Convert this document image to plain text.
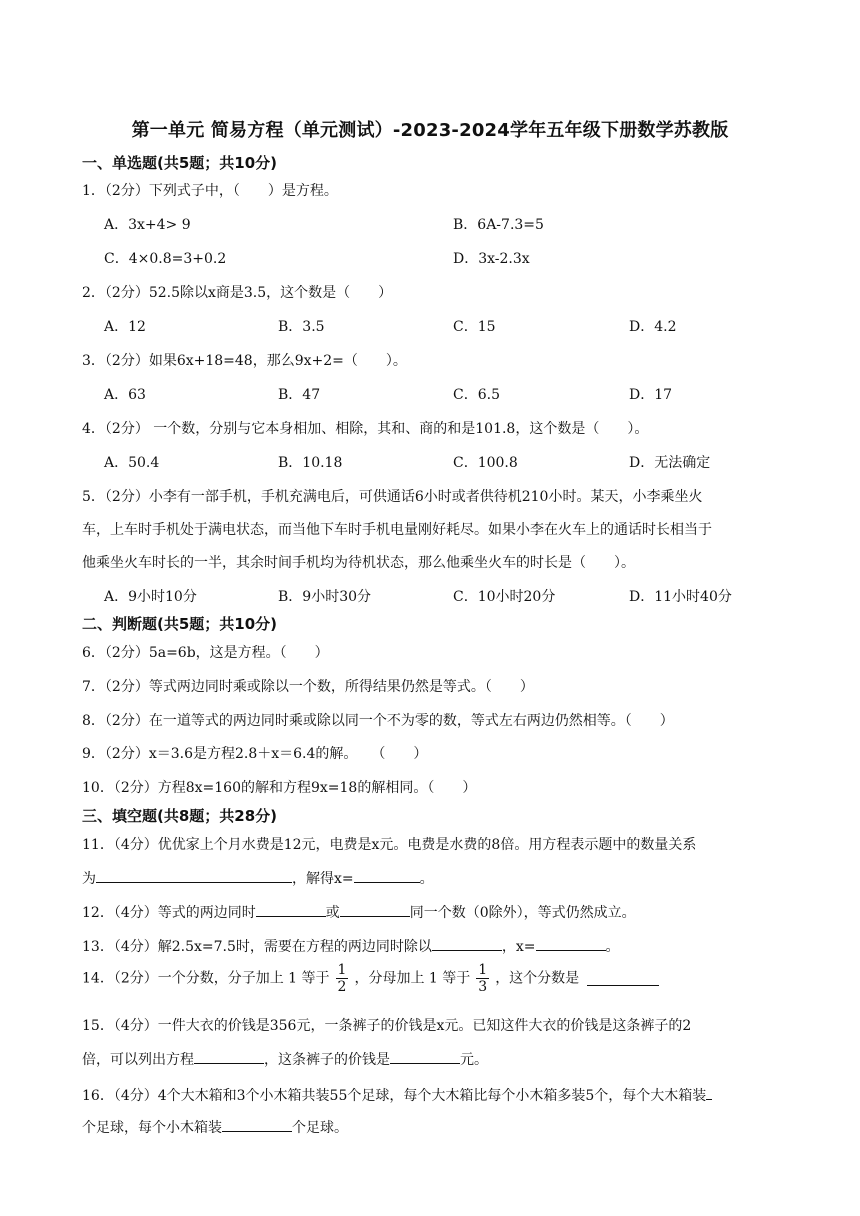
第一单元 简易方程（单元测试）-2023-2024学年五年级下册数学苏教版
一、单选题(共5题；共10分)
1．（2分）下列式子中，（　　）是方程。
A．3x+4> 9	B．6A-7.3=5
C．4×0.8=3+0.2	D．3x-2.3x
2．（2分）52.5除以x商是3.5，这个数是（　　）
A．12	B．3.5	C．15	D．4.2
3．（2分）如果6x+18=48，那么9x+2=（　　）。
A．63	B．47	C．6.5	D．17
4．（2分） 一个数，分别与它本身相加、相除，其和、商的和是101.8，这个数是（　　）。
A．50.4	B．10.18	C．100.8	D．无法确定
5．（2分）小李有一部手机，手机充满电后，可供通话6小时或者供待机210小时。某天，小李乘坐火
车，上车时手机处于满电状态，而当他下车时手机电量刚好耗尽。如果小李在火车上的通话时长相当于
他乘坐火车时长的一半，其余时间手机均为待机状态，那么他乘坐火车的时长是（　　）。
A．9小时10分	B．9小时30分	C．10小时20分	D．11小时40分
二、判断题(共5题；共10分)
6．（2分）5a=6b，这是方程。（　　）
7．（2分）等式两边同时乘或除以一个数，所得结果仍然是等式。（　　）
8．（2分）在一道等式的两边同时乘或除以同一个不为零的数，等式左右两边仍然相等。（　　）
9．（2分）x＝3.6是方程2.8＋x＝6.4的解。　　（　　）
10．（2分）方程8x=160的解和方程9x=18的解相同。（　　）
三、填空题(共8题；共28分)
11．（4分）优优家上个月水费是12元，电费是x元。电费是水费的8倍。用方程表示题中的数量关系
为	，解得x=	。
12．（4分）等式的两边同时	或	同一个数（0除外），等式仍然成立。
13．（4分）解2.5x=7.5时，需要在方程的两边同时除以	，x=	。
14．（2分）一个分数，分子加上 1 等于 $\frac{1}{2}$ ，分母加上 1 等于 $\frac{1}{3}$ ，这个分数是
15．（4分）一件大衣的价钱是356元，一条裤子的价钱是x元。已知这件大衣的价钱是这条裤子的2
倍，可以列出方程	，这条裤子的价钱是	元。
16．（4分）4个大木箱和3个小木箱共装55个足球，每个大木箱比每个小木箱多装5个，每个大木箱装
个足球，每个小木箱装	个足球。
